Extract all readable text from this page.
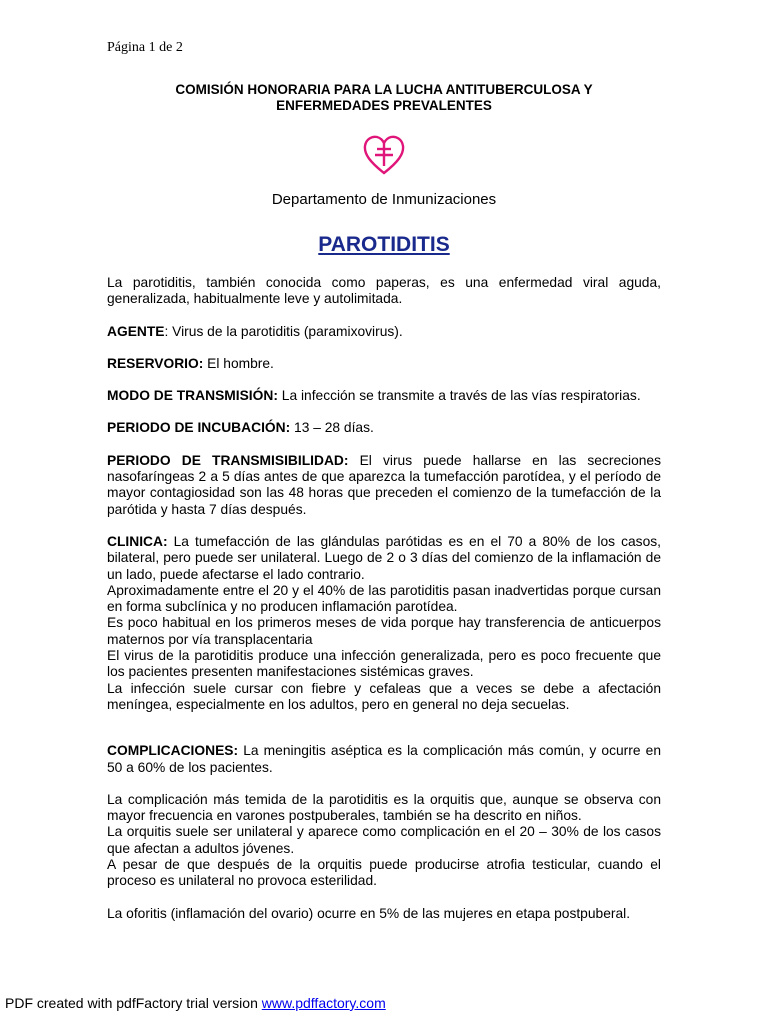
Página 1 de 2
COMISIÓN HONORARIA PARA LA LUCHA ANTITUBERCULOSA Y
ENFERMEDADES PREVALENTES
Departamento de Inmunizaciones
PAROTIDITIS

La parotiditis, también conocida como paperas, es una enfermedad viral aguda, generalizada, habitualmente leve y autolimitada.

AGENTE: Virus de la parotiditis (paramixovirus).

RESERVORIO: El hombre.

MODO DE TRANSMISIÓN: La infección se transmite a través de las vías respiratorias.

PERIODO DE INCUBACIÓN: 13 – 28 días.

PERIODO DE TRANSMISIBILIDAD: El virus puede hallarse en las secreciones nasofaríngeas 2 a 5 días antes de que aparezca la tumefacción parotídea, y el período de mayor contagiosidad son las 48 horas que preceden el comienzo de la tumefacción de la parótida y hasta 7 días después.

CLINICA: La tumefacción de las glándulas parótidas es en el 70 a 80% de los casos, bilateral, pero puede ser unilateral. Luego de 2 o 3 días del comienzo de la inflamación de un lado, puede afectarse el lado contrario.

Aproximadamente entre el 20 y el 40% de las parotiditis pasan inadvertidas porque cursan en forma subclínica y no producen inflamación parotídea.

Es poco habitual en los primeros meses de vida porque hay transferencia de anticuerpos maternos por vía transplacentaria

El virus de la parotiditis produce una infección generalizada, pero es poco frecuente que los pacientes presenten manifestaciones sistémicas graves.

La infección suele cursar con fiebre y cefaleas que a veces se debe a afectación meníngea, especialmente en los adultos, pero en general no deja secuelas.

COMPLICACIONES: La meningitis aséptica es la complicación más común, y ocurre en 50 a 60% de los pacientes.

La complicación más temida de la parotiditis es la orquitis que, aunque se observa con mayor frecuencia en varones postpuberales, también se ha descrito en niños.

La orquitis suele ser unilateral y aparece como complicación en el 20 – 30% de los casos que afectan a adultos jóvenes.

A pesar de que después de la orquitis puede producirse atrofia testicular, cuando el proceso es unilateral no provoca esterilidad.

La oforitis (inflamación del ovario) ocurre en 5% de las mujeres en etapa postpuberal.

PDF created with pdfFactory trial version www.pdffactory.com
